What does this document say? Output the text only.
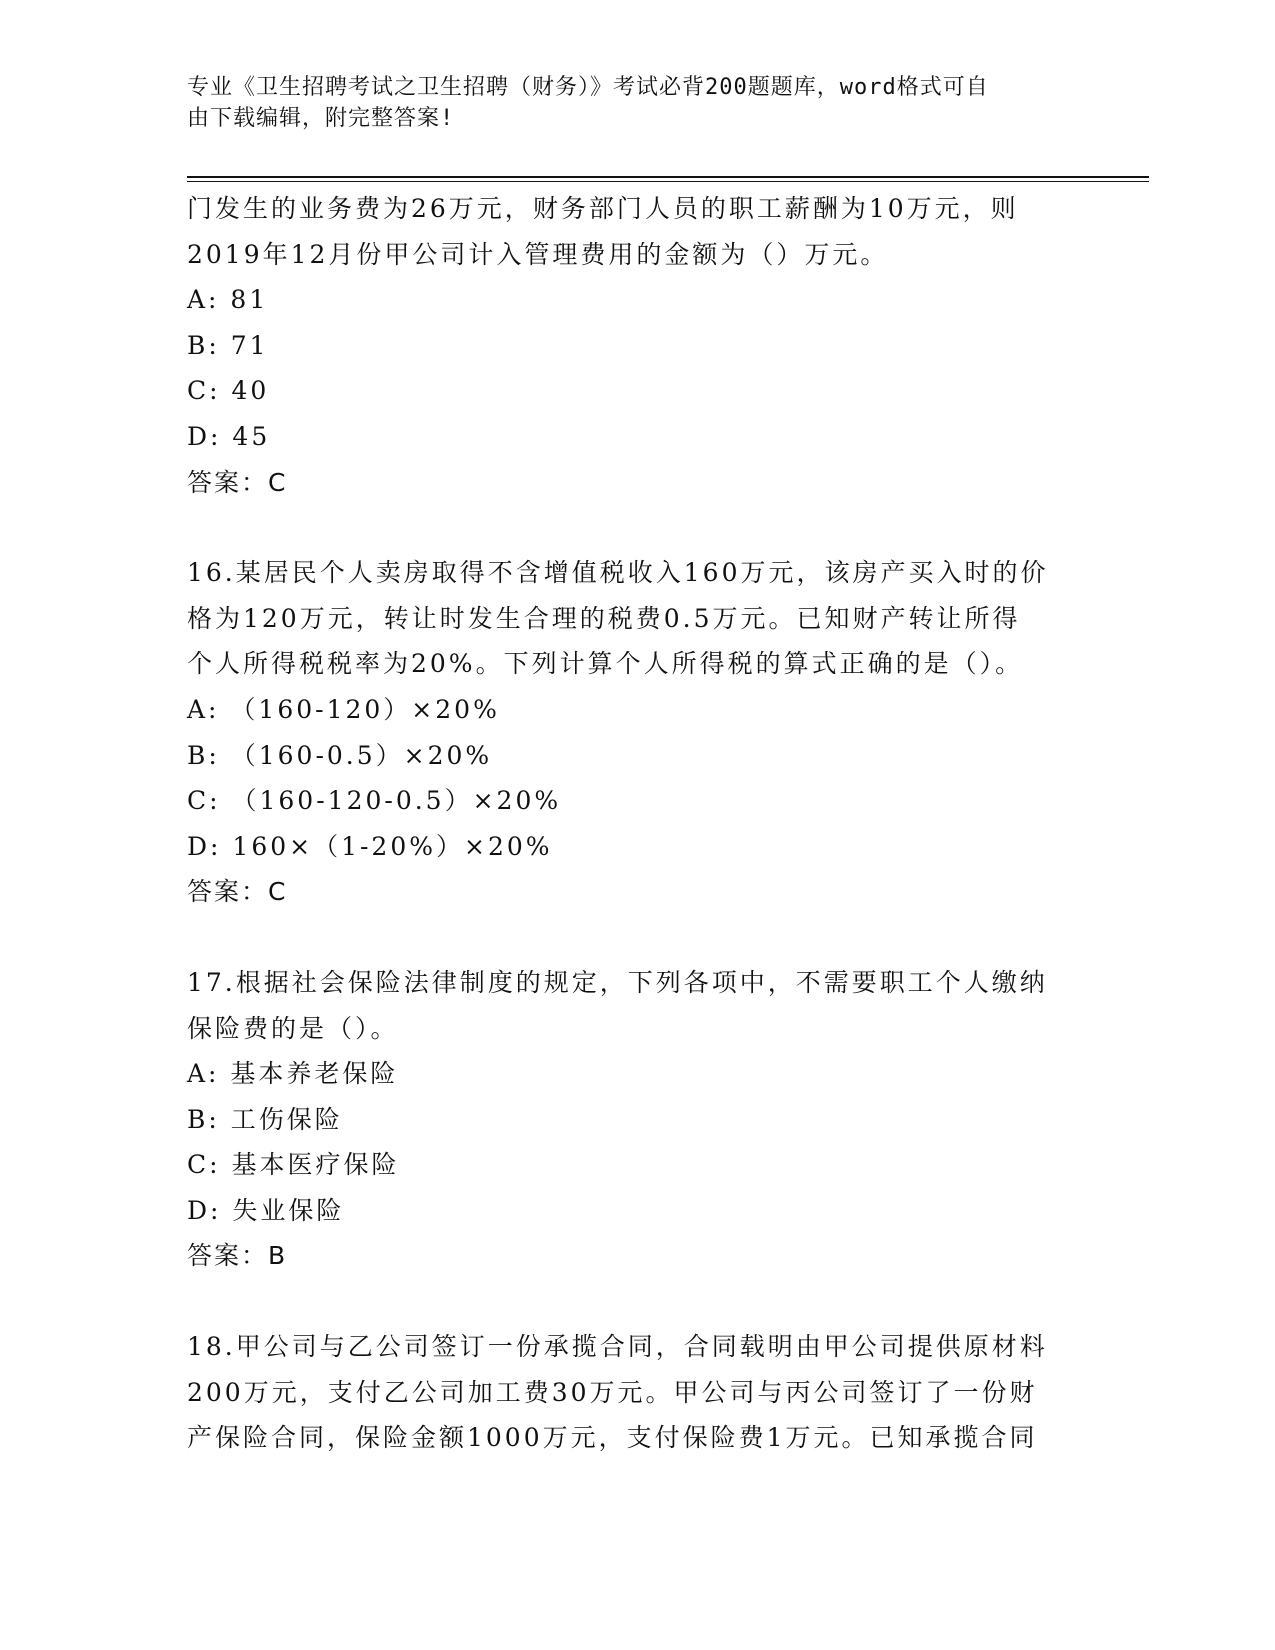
专业《卫生招聘考试之卫生招聘（财务）》考试必背200题题库，word格式可自
由下载编辑，附完整答案!
门发生的业务费为26万元，财务部门人员的职工薪酬为10万元，则
2019年12月份甲公司计入管理费用的金额为（）万元。
A: 81
B: 71
C: 40
D: 45
答案：C
16.某居民个人卖房取得不含增值税收入160万元，该房产买入时的价
格为120万元，转让时发生合理的税费0.5万元。已知财产转让所得
个人所得税税率为20%。下列计算个人所得税的算式正确的是（）。
A: （160-120）×20%
B: （160-0.5）×20%
C: （160-120-0.5）×20%
D: 160×（1-20%）×20%
答案：C
17.根据社会保险法律制度的规定，下列各项中，不需要职工个人缴纳
保险费的是（）。
A: 基本养老保险
B: 工伤保险
C: 基本医疗保险
D: 失业保险
答案：B
18.甲公司与乙公司签订一份承揽合同，合同载明由甲公司提供原材料
200万元，支付乙公司加工费30万元。甲公司与丙公司签订了一份财
产保险合同，保险金额1000万元，支付保险费1万元。已知承揽合同
